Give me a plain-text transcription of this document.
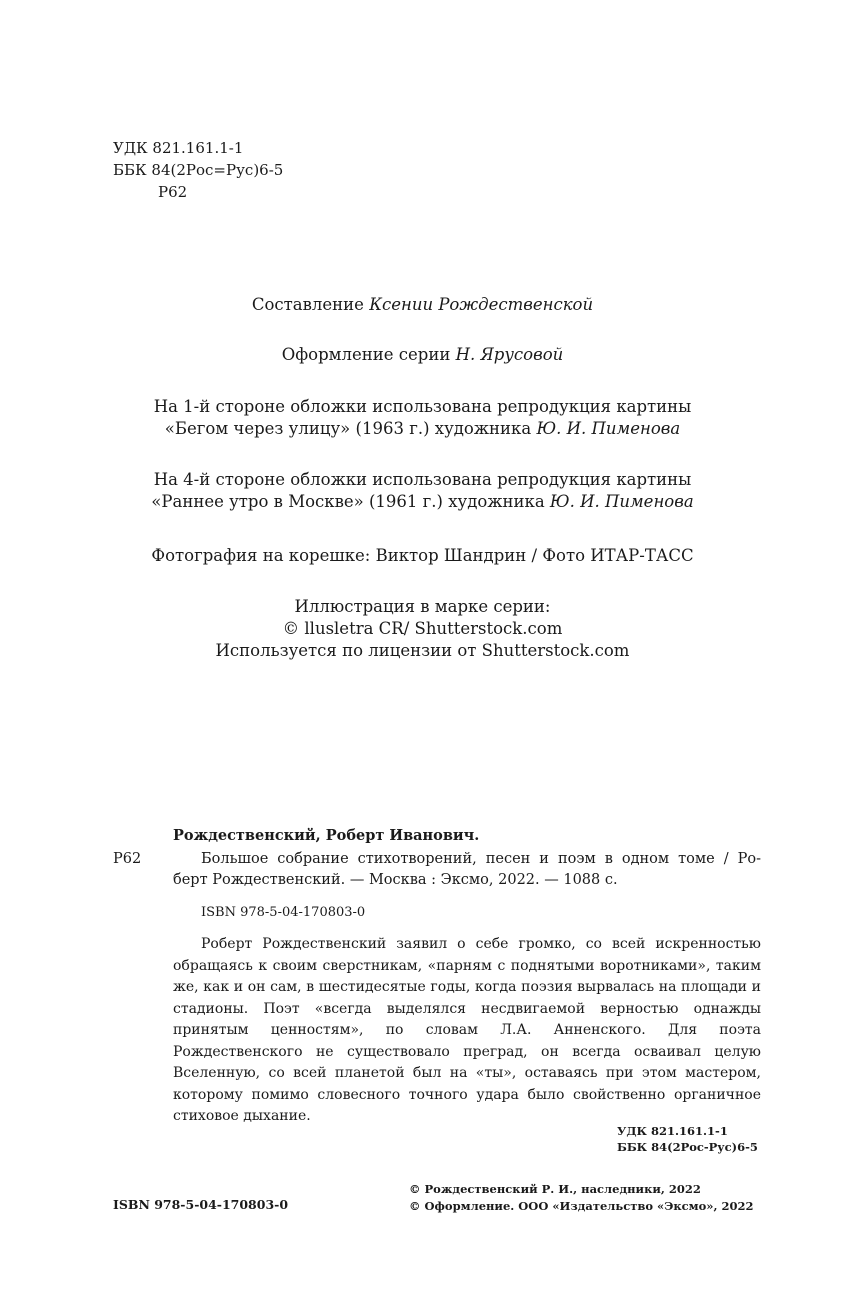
УДК 821.161.1-1
ББК 84(2Рос=Рус)6-5
Р62

Составление Ксении Рождественской

Оформление серии Н. Ярусовой

На 1-й стороне обложки использована репродукция картины

«Бегом через улицу» (1963 г.) художника Ю. И. Пименова

На 4-й стороне обложки использована репродукция картины

«Раннее утро в Москве» (1961 г.) художника Ю. И. Пименова

Фотография на корешке: Виктор Шандрин / Фото ИТАР-ТАСС

Иллюстрация в марке серии:

© llusletra CR/ Shutterstock.com

Используется по лицензии от Shutterstock.com

Рождественский, Роберт Иванович.
Р62	Большое собрание стихотворений, песен и поэм в одном томе / Ро-
берт Рождественский. — Москва : Эксмо, 2022. — 1088 с.
ISBN 978-5-04-170803-0
Роберт Рождественский заявил о себе громко, со всей искренностью обращаясь к своим сверстникам, «парням с поднятыми воротниками», таким же, как и он сам, в шестидесятые годы, когда поэзия вырвалась на площади и стадионы. Поэт «всегда выделялся несдвигаемой верностью однажды принятым ценностям», по словам Л.А. Анненского. Для поэта Рождественского не существовало преград, он всегда осваивал целую Вселенную, со всей планетой был на «ты», оставаясь при этом мастером, которому помимо словесного точного удара было свойственно органичное стиховое дыхание.
УДК 821.161.1-1
ББК 84(2Рос-Рус)6-5
ISBN 978-5-04-170803-0
© Рождественский Р. И., наследники, 2022
© Оформление. ООО «Издательство «Эксмо», 2022
